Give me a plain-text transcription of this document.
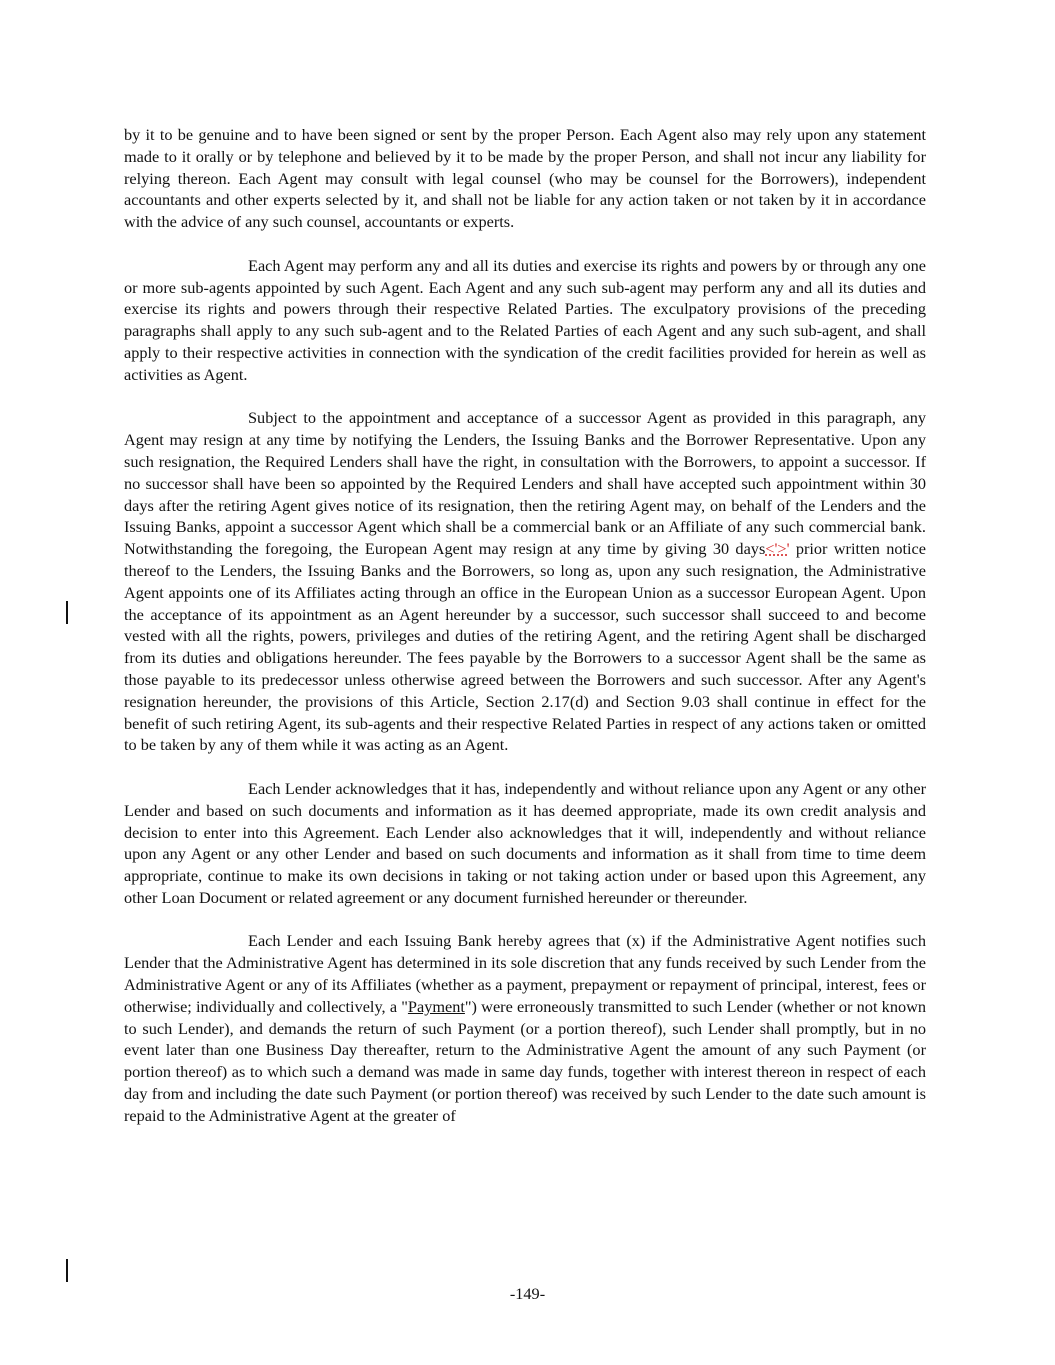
by it to be genuine and to have been signed or sent by the proper Person. Each Agent also may rely upon any statement made to it orally or by telephone and believed by it to be made by the proper Person, and shall not incur any liability for relying thereon. Each Agent may consult with legal counsel (who may be counsel for the Borrowers), independent accountants and other experts selected by it, and shall not be liable for any action taken or not taken by it in accordance with the advice of any such counsel, accountants or experts.

Each Agent may perform any and all its duties and exercise its rights and powers by or through any one or more sub-agents appointed by such Agent. Each Agent and any such sub-agent may perform any and all its duties and exercise its rights and powers through their respective Related Parties. The exculpatory provisions of the preceding paragraphs shall apply to any such sub-agent and to the Related Parties of each Agent and any such sub-agent, and shall apply to their respective activities in connection with the syndication of the credit facilities provided for herein as well as activities as Agent.

Subject to the appointment and acceptance of a successor Agent as provided in this paragraph, any Agent may resign at any time by notifying the Lenders, the Issuing Banks and the Borrower Representative. Upon any such resignation, the Required Lenders shall have the right, in consultation with the Borrowers, to appoint a successor. If no successor shall have been so appointed by the Required Lenders and shall have accepted such appointment within 30 days after the retiring Agent gives notice of its resignation, then the retiring Agent may, on behalf of the Lenders and the Issuing Banks, appoint a successor Agent which shall be a commercial bank or an Affiliate of any such commercial bank. Notwithstanding the foregoing, the European Agent may resign at any time by giving 30 days<'>' prior written notice thereof to the Lenders, the Issuing Banks and the Borrowers, so long as, upon any such resignation, the Administrative Agent appoints one of its Affiliates acting through an office in the European Union as a successor European Agent. Upon the acceptance of its appointment as an Agent hereunder by a successor, such successor shall succeed to and become vested with all the rights, powers, privileges and duties of the retiring Agent, and the retiring Agent shall be discharged from its duties and obligations hereunder. The fees payable by the Borrowers to a successor Agent shall be the same as those payable to its predecessor unless otherwise agreed between the Borrowers and such successor. After any Agent's resignation hereunder, the provisions of this Article, Section 2.17(d) and Section 9.03 shall continue in effect for the benefit of such retiring Agent, its sub-agents and their respective Related Parties in respect of any actions taken or omitted to be taken by any of them while it was acting as an Agent.

Each Lender acknowledges that it has, independently and without reliance upon any Agent or any other Lender and based on such documents and information as it has deemed appropriate, made its own credit analysis and decision to enter into this Agreement. Each Lender also acknowledges that it will, independently and without reliance upon any Agent or any other Lender and based on such documents and information as it shall from time to time deem appropriate, continue to make its own decisions in taking or not taking action under or based upon this Agreement, any other Loan Document or related agreement or any document furnished hereunder or thereunder.

Each Lender and each Issuing Bank hereby agrees that (x) if the Administrative Agent notifies such Lender that the Administrative Agent has determined in its sole discretion that any funds received by such Lender from the Administrative Agent or any of its Affiliates (whether as a payment, prepayment or repayment of principal, interest, fees or otherwise; individually and collectively, a "Payment") were erroneously transmitted to such Lender (whether or not known to such Lender), and demands the return of such Payment (or a portion thereof), such Lender shall promptly, but in no event later than one Business Day thereafter, return to the Administrative Agent the amount of any such Payment (or portion thereof) as to which such a demand was made in same day funds, together with interest thereon in respect of each day from and including the date such Payment (or portion thereof) was received by such Lender to the date such amount is repaid to the Administrative Agent at the greater of

-149-
